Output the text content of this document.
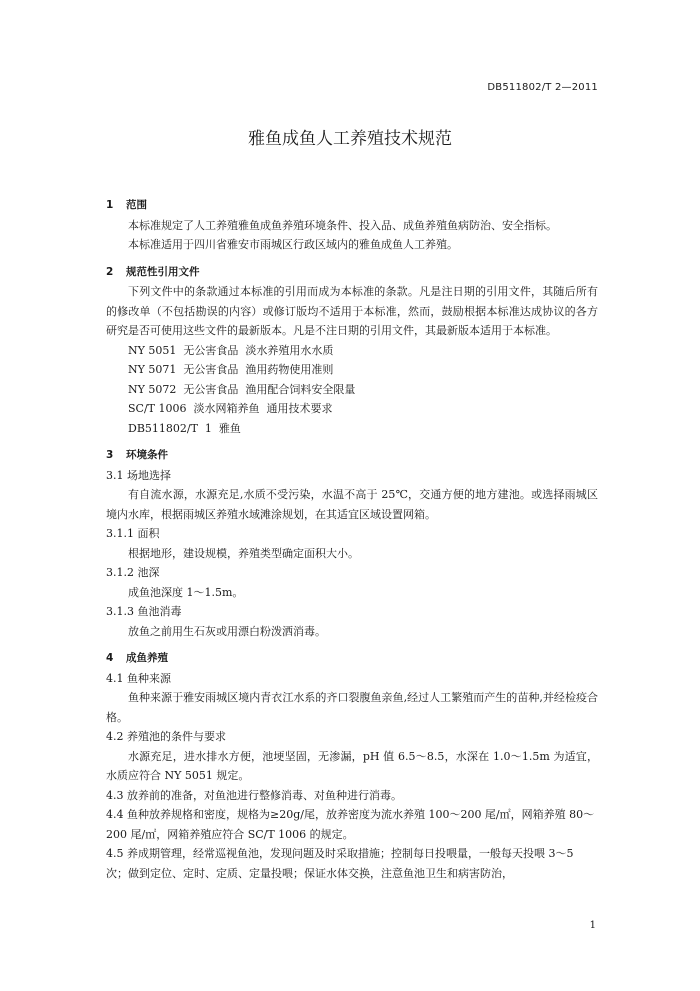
DB511802/T 2—2011
雅鱼成鱼人工养殖技术规范
1 范围

本标准规定了人工养殖雅鱼成鱼养殖环境条件、投入品、成鱼养殖鱼病防治、安全指标。

本标准适用于四川省雅安市雨城区行政区域内的雅鱼成鱼人工养殖。

2 规范性引用文件

下列文件中的条款通过本标准的引用而成为本标准的条款。凡是注日期的引用文件，其随后所有的修改单（不包括勘误的内容）或修订版均不适用于本标准，然而，鼓励根据本标准达成协议的各方研究是否可使用这些文件的最新版本。凡是不注日期的引用文件，其最新版本适用于本标准。

NY 5051  无公害食品  淡水养殖用水水质
NY 5071  无公害食品  渔用药物使用准则
NY 5072  无公害食品  渔用配合饲料安全限量
SC/T 1006  淡水网箱养鱼  通用技术要求
DB511802/T  1  雅鱼
3 环境条件
3.1 场地选择

有自流水源，水源充足,水质不受污染，水温不高于 25℃，交通方便的地方建池。或选择雨城区境内水库，根据雨城区养殖水域滩涂规划，在其适宜区域设置网箱。

3.1.1 面积

根据地形，建设规模，养殖类型确定面积大小。

3.1.2 池深

成鱼池深度 1～1.5m。

3.1.3 鱼池消毒

放鱼之前用生石灰或用漂白粉泼洒消毒。

4 成鱼养殖
4.1 鱼种来源

鱼种来源于雅安雨城区境内青衣江水系的齐口裂腹鱼亲鱼,经过人工繁殖而产生的苗种,并经检疫合格。

4.2 养殖池的条件与要求

水源充足，进水排水方便，池埂坚固，无渗漏，pH 值 6.5～8.5，水深在 1.0～1.5m 为适宜，水质应符合 NY 5051 规定。

4.3 放养前的准备，对鱼池进行整修消毒、对鱼种进行消毒。
4.4 鱼种放养规格和密度，规格为≥20g/尾，放养密度为流水养殖 100～200 尾/㎡，网箱养殖 80～200 尾/㎡，网箱养殖应符合 SC/T 1006 的规定。
4.5 养成期管理，经常巡视鱼池，发现问题及时采取措施；控制每日投喂量，一般每天投喂 3～5 次；做到定位、定时、定质、定量投喂；保证水体交换，注意鱼池卫生和病害防治，
1
